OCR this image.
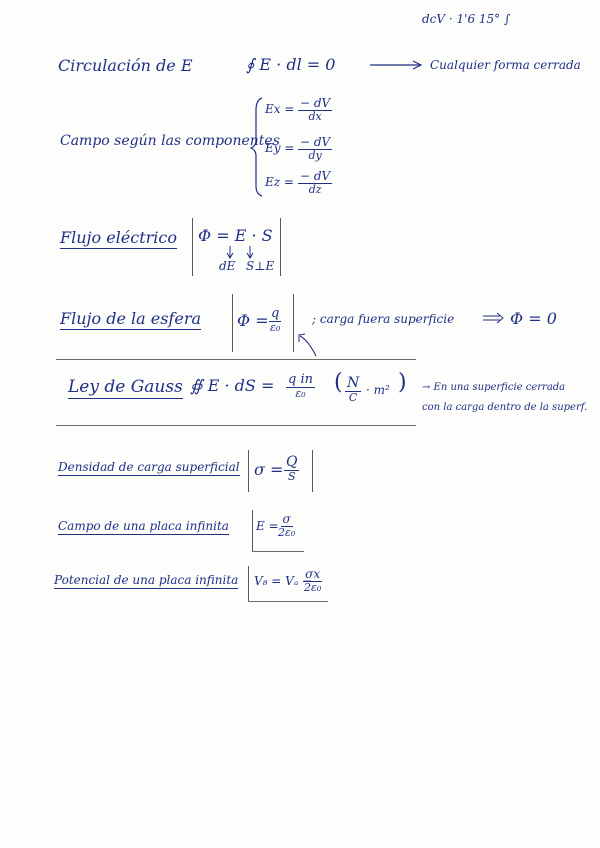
dcV · 1'6 15° ∫
Circulación de E	∮ E · dl = 0	Cualquier forma cerrada
Campo según las componentes
$Ex = \frac{- dV}{dx}$
$Ey = \frac{- dV}{dy}$
$Ez = \frac{- dV}{dz}$
Flujo eléctrico Φ = E · S
dE S⊥E
Flujo de la esfera Φ = q
ε₀
; carga fuera superficie	Φ = 0
Ley de Gauss ∯ E · dS = q in
ε₀ ( N
C
· m² ) → En una superficie cerrada
con la carga dentro de la superf.
Densidad de carga superficial σ = Q
S
Campo de una placa infinita E =
$\frac{\sigma}{\text{2ε₀}}$
Potencial de una placa infinita V₈ = Vₐ −
$\frac{\sigma x}{\text{2ε₀}}$
